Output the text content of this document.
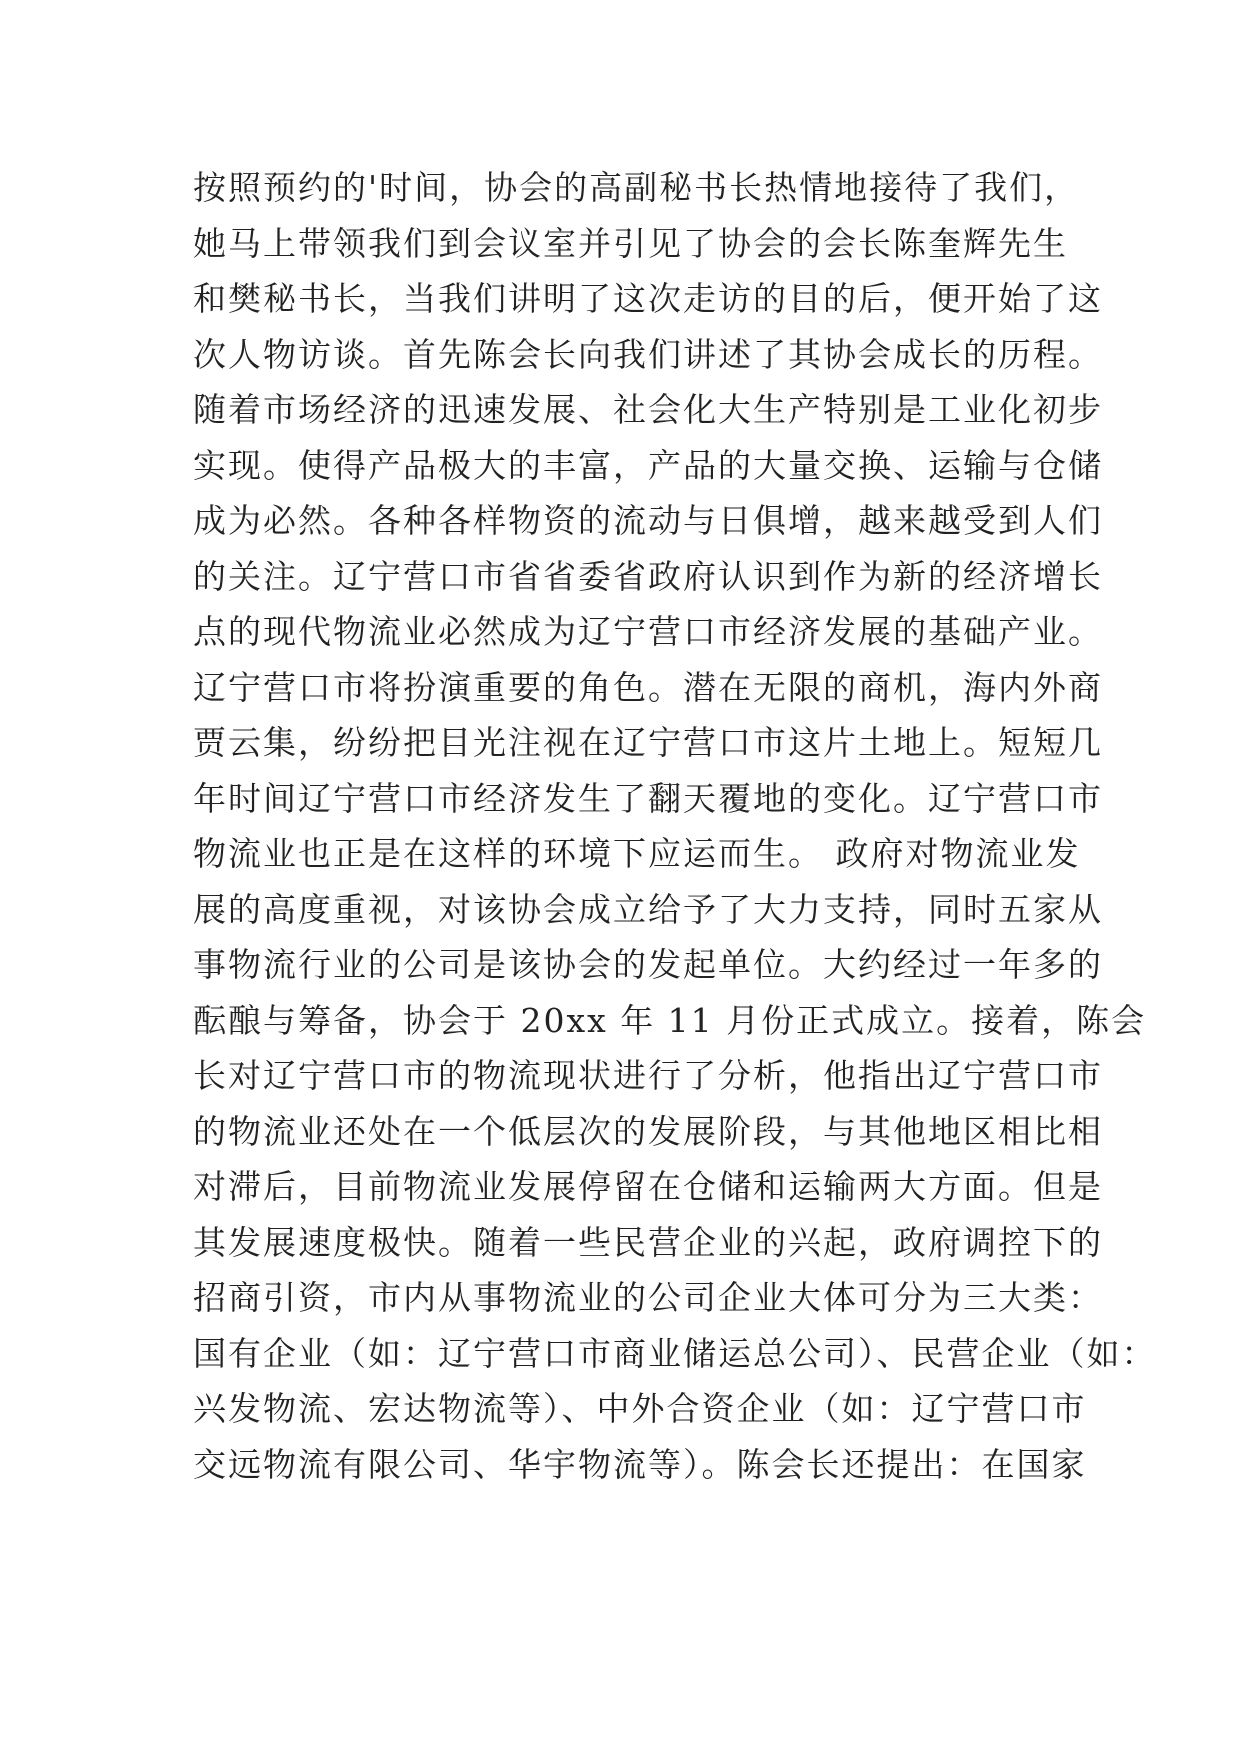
按照预约的'时间，协会的高副秘书长热情地接待了我们，
她马上带领我们到会议室并引见了协会的会长陈奎辉先生
和樊秘书长，当我们讲明了这次走访的目的后，便开始了这
次人物访谈。首先陈会长向我们讲述了其协会成长的历程。
随着市场经济的迅速发展、社会化大生产特别是工业化初步
实现。使得产品极大的丰富，产品的大量交换、运输与仓储
成为必然。各种各样物资的流动与日俱增，越来越受到人们
的关注。辽宁营口市省省委省政府认识到作为新的经济增长
点的现代物流业必然成为辽宁营口市经济发展的基础产业。
辽宁营口市将扮演重要的角色。潜在无限的商机，海内外商
贾云集，纷纷把目光注视在辽宁营口市这片土地上。短短几
年时间辽宁营口市经济发生了翻天覆地的变化。辽宁营口市
物流业也正是在这样的环境下应运而生。 政府对物流业发
展的高度重视，对该协会成立给予了大力支持，同时五家从
事物流行业的公司是该协会的发起单位。大约经过一年多的
酝酿与筹备，协会于 20xx 年 11 月份正式成立。接着，陈会
长对辽宁营口市的物流现状进行了分析，他指出辽宁营口市
的物流业还处在一个低层次的发展阶段，与其他地区相比相
对滞后，目前物流业发展停留在仓储和运输两大方面。但是
其发展速度极快。随着一些民营企业的兴起，政府调控下的
招商引资，市内从事物流业的公司企业大体可分为三大类：
国有企业（如：辽宁营口市商业储运总公司）、民营企业（如：
兴发物流、宏达物流等）、中外合资企业（如：辽宁营口市
交远物流有限公司、华宇物流等）。陈会长还提出：在国家
